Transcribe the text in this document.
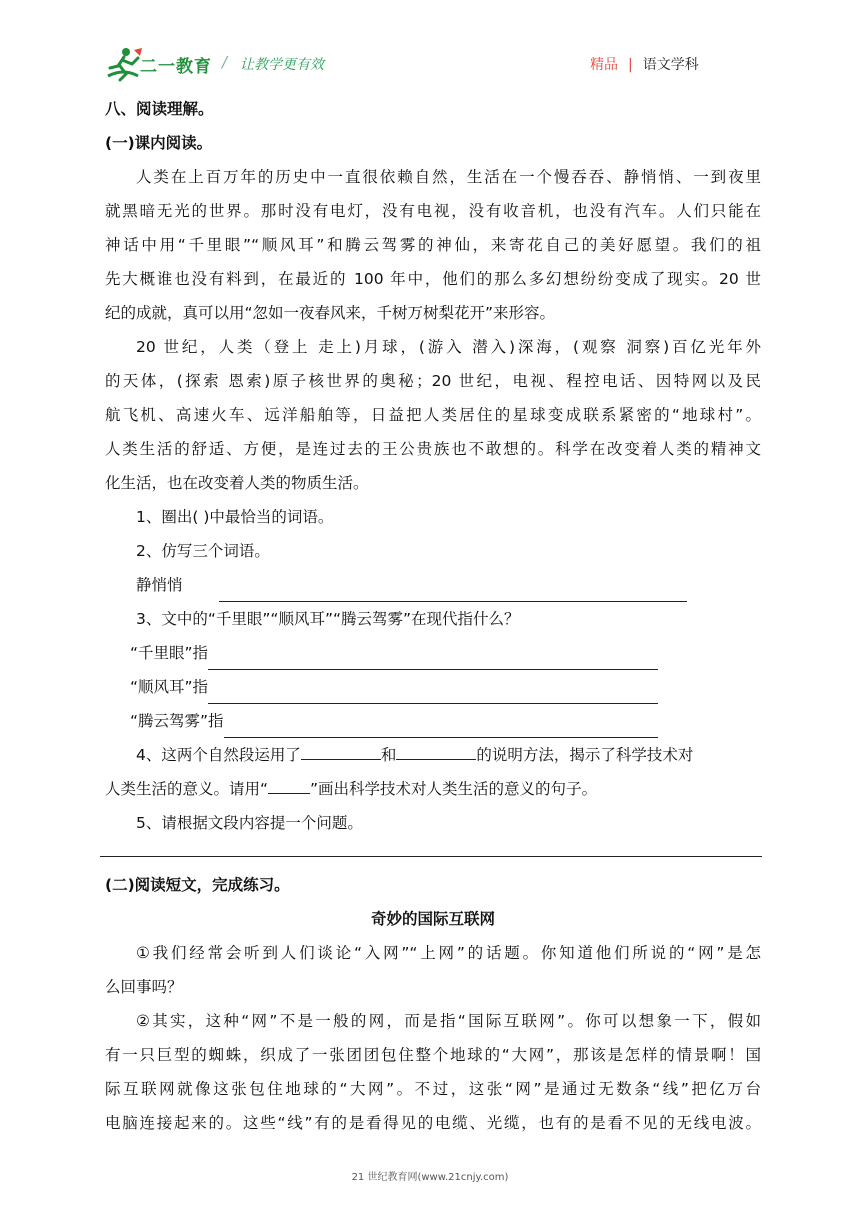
二一教育 / 让教学更有效	精品 | 语文学科
八、阅读理解。
(一)课内阅读。
人类在上百万年的历史中一直很依赖自然，生活在一个慢吞吞、静悄悄、一到夜里
就黑暗无光的世界。那时没有电灯，没有电视，没有收音机，也没有汽车。人们只能在
神话中用“千里眼”“顺风耳”和腾云驾雾的神仙，来寄花自己的美好愿望。我们的祖
先大概谁也没有料到，在最近的 100 年中，他们的那么多幻想纷纷变成了现实。20 世
纪的成就，真可以用“忽如一夜春风来，千树万树梨花开”来形容。
20 世纪，人类（登上 走上)月球，(游入 潜入)深海，(观察 洞察)百亿光年外
的天体，(探索 恩索)原子核世界的奥秘；20 世纪，电视、程控电话、因特网以及民
航飞机、高速火车、远洋船舶等，日益把人类居住的星球变成联系紧密的“地球村”。
人类生活的舒适、方便，是连过去的王公贵族也不敢想的。科学在改变着人类的精神文
化生活，也在改变着人类的物质生活。
1、圈出( )中最恰当的词语。
2、仿写三个词语。
静悄悄
3、文中的“千里眼”“顺风耳”“腾云驾雾”在现代指什么？
“千里眼”指
“顺风耳”指
“腾云驾雾”指
4、这两个自然段运用了	和	的说明方法，揭示了科学技术对
人类生活的意义。请用“	”画出科学技术对人类生活的意义的句子。
5、请根据文段内容提一个问题。
(二)阅读短文，完成练习。
奇妙的国际互联网
①我们经常会听到人们谈论“入网”“上网”的话题。你知道他们所说的“网”是怎
么回事吗？
②其实，这种“网”不是一般的网，而是指“国际互联网”。你可以想象一下，假如
有一只巨型的蜘蛛，织成了一张团团包住整个地球的“大网”，那该是怎样的情景啊！国
际互联网就像这张包住地球的“大网”。不过，这张“网”是通过无数条“线”把亿万台
电脑连接起来的。这些“线”有的是看得见的电缆、光缆，也有的是看不见的无线电波。
21 世纪教育网(www.21cnjy.com)
